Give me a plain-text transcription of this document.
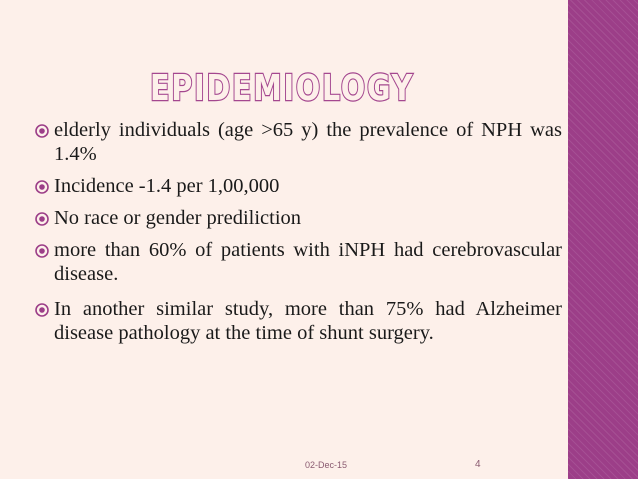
EPIDEMIOLOGY
elderly individuals (age >65 y) the prevalence of NPH was 1.4%
Incidence -1.4 per 1,00,000
No race or gender prediliction
more than 60% of patients with iNPH had cerebrovascular disease.
In another similar study, more than 75% had Alzheimer disease pathology at the time of shunt surgery.
02-Dec-15	4
